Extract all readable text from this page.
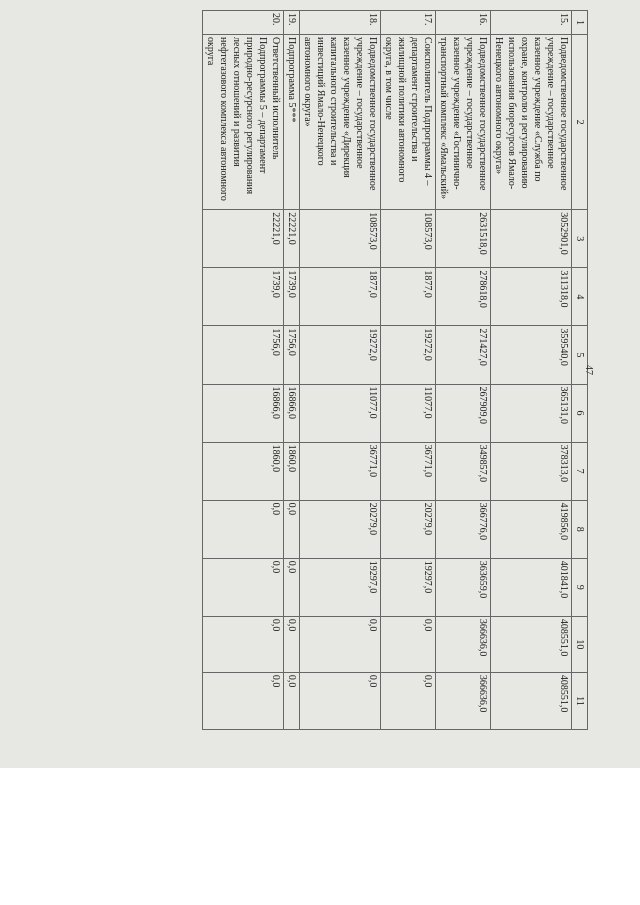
47
1	2	3	4	5	6	7	8	9	10	11
15.	Подведомственное государственное учреждение – государственное казенное учреждение «Служба по охране, контролю и регулированию использования биоресурсов Ямало-Ненецкого автономного округа»	3052901,0	311318,0	359540,0	365131,0	378313,0	419856,0	401841,0	408551,0	408551,0
16.	Подведомственное государственное учреждение – государственное казенное учреждение «Гостинично-транспортный комплекс «Ямальский»	2631518,0	278618,0	271427,0	267909,0	349857,0	366776,0	363659,0	366636,0	366636,0
17.	Соисполнитель Подпрограммы 4 – департамент строительства и жилищной политики автономного округа, в том числе	108573,0	1877,0	19272,0	11077,0	36771,0	20279,0	19297,0	0,0	0,0
18.	Подведомственное государственное учреждение – государственное казенное учреждение «Дирекция капитального строительства и инвестиций Ямало-Ненецкого автономного округа»	108573,0	1877,0	19272,0	11077,0	36771,0	20279,0	19297,0	0,0	0,0
19.	Подпрограмма 5***	22221,0	1739,0	1756,0	16866,0	1860,0	0,0	0,0	0,0	0,0
20.	Ответственный исполнитель Подпрограммы 5 – департамент природно-ресурсного регулирования лесных отношений и развития нефтегазового комплекса автономного округа	22221,0	1739,0	1756,0	16866,0	1860,0	0,0	0,0	0,0	0,0
